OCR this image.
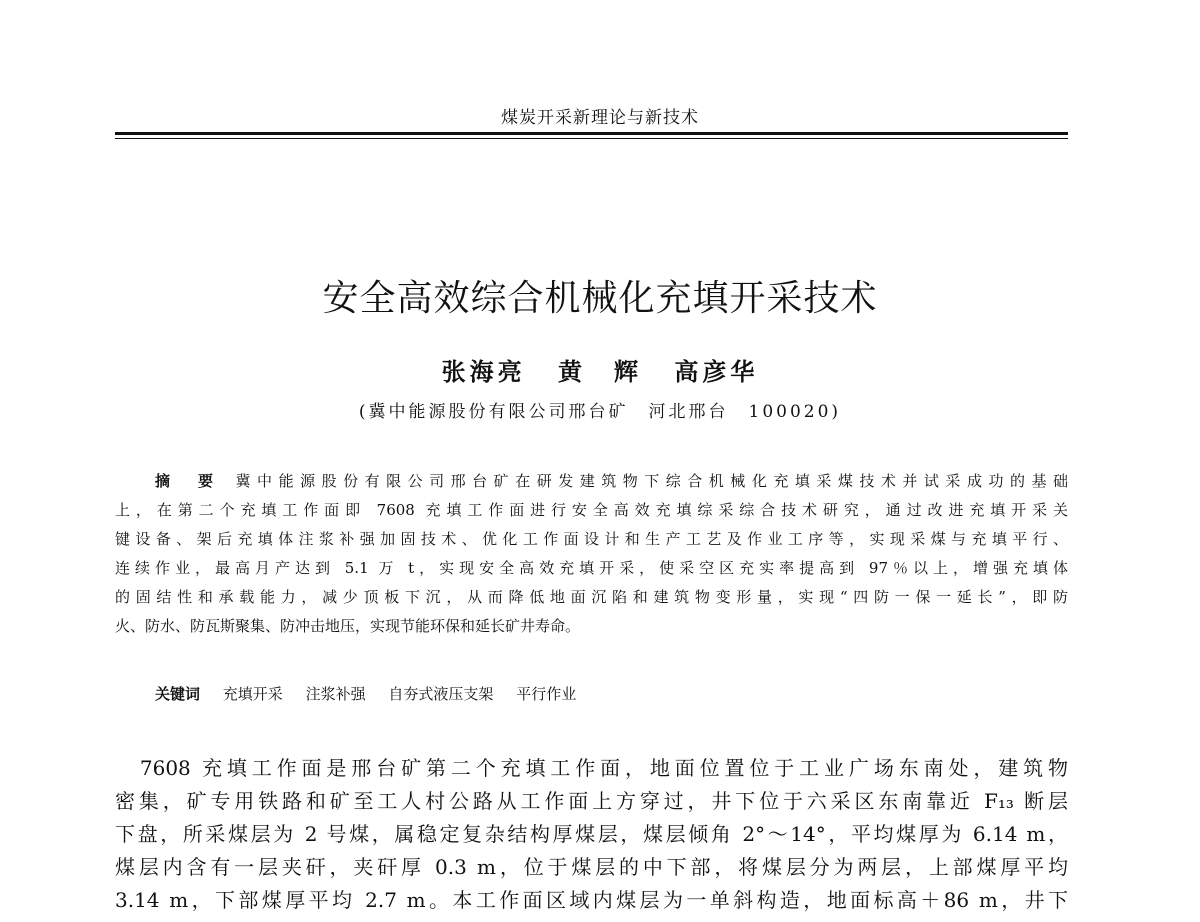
煤炭开采新理论与新技术
安全高效综合机械化充填开采技术
张海亮 黄　辉 高彦华
(冀中能源股份有限公司邢台矿　河北邢台　100020)
摘　要 冀中能源股份有限公司邢台矿在研发建筑物下综合机械化充填采煤技术并试采成功的基础
上，在第二个充填工作面即 7608 充填工作面进行安全高效充填综采综合技术研究，通过改进充填开采关
键设备、架后充填体注浆补强加固技术、优化工作面设计和生产工艺及作业工序等，实现采煤与充填平行、
连续作业，最高月产达到 5.1 万 t，实现安全高效充填开采，使采空区充实率提高到 97％以上，增强充填体
的固结性和承载能力，减少顶板下沉，从而降低地面沉陷和建筑物变形量，实现“四防一保一延长”，即防
火、防水、防瓦斯聚集、防冲击地压，实现节能环保和延长矿井寿命。
关键词 充填开采 注浆补强 自夯式液压支架 平行作业
　7608 充填工作面是邢台矿第二个充填工作面，地面位置位于工业广场东南处，建筑物
密集，矿专用铁路和矿至工人村公路从工作面上方穿过，井下位于六采区东南靠近 F₁₃ 断层
下盘，所采煤层为 2 号煤，属稳定复杂结构厚煤层，煤层倾角 2°～14°，平均煤厚为 6.14 m，
煤层内含有一层夹矸，夹矸厚 0.3 m，位于煤层的中下部，将煤层分为两层，上部煤厚平均
3.14 m，下部煤厚平均 2.7 m。本工作面区域内煤层为一单斜构造，地面标高＋86 m，井下
